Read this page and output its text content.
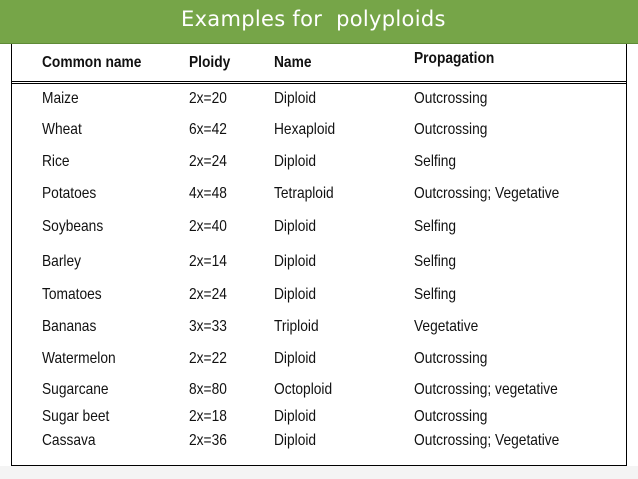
Examples for  polyploids
Common name	Ploidy	Name	Propagation
Maize	2x=20	Diploid	Outcrossing
Wheat	6x=42	Hexaploid	Outcrossing
Rice	2x=24	Diploid	Selfing
Potatoes	4x=48	Tetraploid	Outcrossing; Vegetative
Soybeans	2x=40	Diploid	Selfing
Barley	2x=14	Diploid	Selfing
Tomatoes	2x=24	Diploid	Selfing
Bananas	3x=33	Triploid	Vegetative
Watermelon	2x=22	Diploid	Outcrossing
Sugarcane	8x=80	Octoploid	Outcrossing; vegetative
Sugar beet	2x=18	Diploid	Outcrossing
Cassava	2x=36	Diploid	Outcrossing; Vegetative
